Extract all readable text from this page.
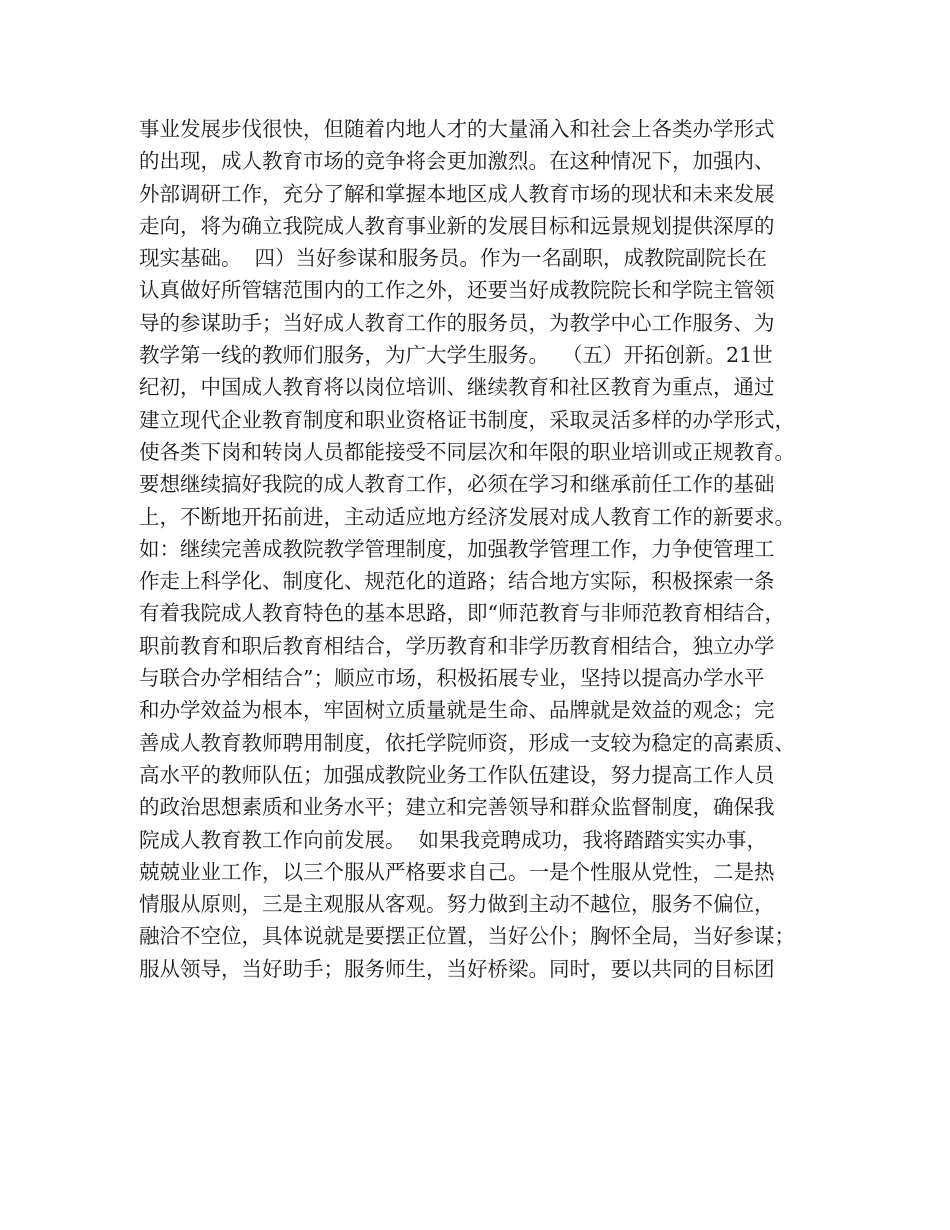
事业发展步伐很快，但随着内地人才的大量涌入和社会上各类办学形式
的出现，成人教育市场的竞争将会更加激烈。在这种情况下，加强内、
外部调研工作，充分了解和掌握本地区成人教育市场的现状和未来发展
走向，将为确立我院成人教育事业新的发展目标和远景规划提供深厚的
现实基础。  四）当好参谋和服务员。作为一名副职，成教院副院长在
认真做好所管辖范围内的工作之外，还要当好成教院院长和学院主管领
导的参谋助手；当好成人教育工作的服务员，为教学中心工作服务、为
教学第一线的教师们服务，为广大学生服务。  （五）开拓创新。21世
纪初，中国成人教育将以岗位培训、继续教育和社区教育为重点，通过
建立现代企业教育制度和职业资格证书制度，采取灵活多样的办学形式，
使各类下岗和转岗人员都能接受不同层次和年限的职业培训或正规教育。
要想继续搞好我院的成人教育工作，必须在学习和继承前任工作的基础
上，不断地开拓前进，主动适应地方经济发展对成人教育工作的新要求。
如：继续完善成教院教学管理制度，加强教学管理工作，力争使管理工
作走上科学化、制度化、规范化的道路；结合地方实际，积极探索一条
有着我院成人教育特色的基本思路，即“师范教育与非师范教育相结合，
职前教育和职后教育相结合，学历教育和非学历教育相结合，独立办学
与联合办学相结合”；顺应市场，积极拓展专业，坚持以提高办学水平
和办学效益为根本，牢固树立质量就是生命、品牌就是效益的观念；完
善成人教育教师聘用制度，依托学院师资，形成一支较为稳定的高素质、
高水平的教师队伍；加强成教院业务工作队伍建设，努力提高工作人员
的政治思想素质和业务水平；建立和完善领导和群众监督制度，确保我
院成人教育教工作向前发展。  如果我竞聘成功，我将踏踏实实办事，
兢兢业业工作，以三个服从严格要求自己。一是个性服从党性，二是热
情服从原则，三是主观服从客观。努力做到主动不越位，服务不偏位，
融洽不空位，具体说就是要摆正位置，当好公仆；胸怀全局，当好参谋；
服从领导，当好助手；服务师生，当好桥梁。同时，要以共同的目标团
